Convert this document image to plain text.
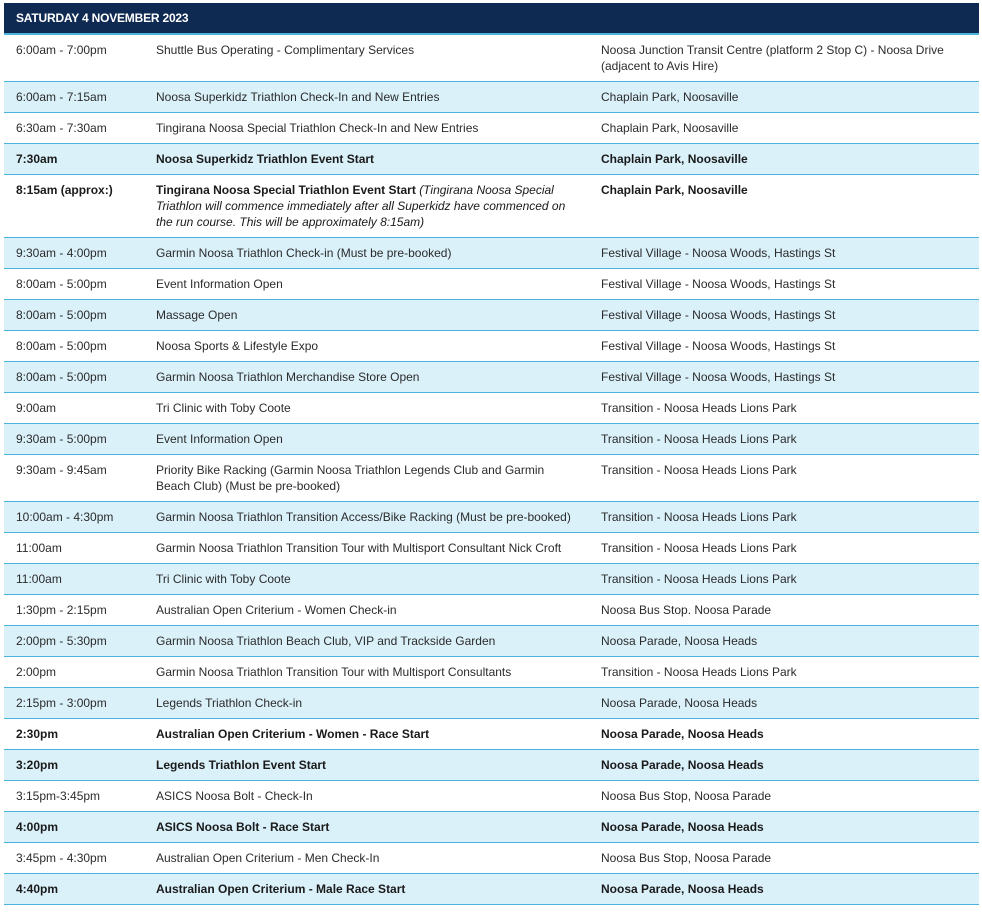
SATURDAY 4 NOVEMBER 2023		
6:00am - 7:00pm	Shuttle Bus Operating - Complimentary Services	Noosa Junction Transit Centre (platform 2 Stop C) - Noosa Drive (adjacent to Avis Hire)
6:00am - 7:15am	Noosa Superkidz Triathlon Check-In and New Entries	Chaplain Park, Noosaville
6:30am - 7:30am	Tingirana Noosa Special Triathlon Check-In and New Entries	Chaplain Park, Noosaville
7:30am	Noosa Superkidz Triathlon Event Start	Chaplain Park, Noosaville
8:15am (approx:)	Tingirana Noosa Special Triathlon Event Start (Tingirana Noosa Special Triathlon will commence immediately after all Superkidz have commenced on the run course. This will be approximately 8:15am)	Chaplain Park, Noosaville
9:30am - 4:00pm	Garmin Noosa Triathlon Check-in (Must be pre-booked)	Festival Village - Noosa Woods, Hastings St
8:00am - 5:00pm	Event Information Open	Festival Village - Noosa Woods, Hastings St
8:00am - 5:00pm	Massage Open	Festival Village - Noosa Woods, Hastings St
8:00am - 5:00pm	Noosa Sports & Lifestyle Expo	Festival Village - Noosa Woods, Hastings St
8:00am - 5:00pm	Garmin Noosa Triathlon Merchandise Store Open	Festival Village - Noosa Woods, Hastings St
9:00am	Tri Clinic with Toby Coote	Transition - Noosa Heads Lions Park
9:30am - 5:00pm	Event Information Open	Transition - Noosa Heads Lions Park
9:30am - 9:45am	Priority Bike Racking (Garmin Noosa Triathlon Legends Club and Garmin Beach Club) (Must be pre-booked)	Transition - Noosa Heads Lions Park
10:00am - 4:30pm	Garmin Noosa Triathlon Transition Access/Bike Racking (Must be pre-booked)	Transition - Noosa Heads Lions Park
11:00am	Garmin Noosa Triathlon Transition Tour with Multisport Consultant Nick Croft	Transition - Noosa Heads Lions Park
11:00am	Tri Clinic with Toby Coote	Transition - Noosa Heads Lions Park
1:30pm - 2:15pm	Australian Open Criterium - Women Check-in	Noosa Bus Stop. Noosa Parade
2:00pm - 5:30pm	Garmin Noosa Triathlon Beach Club, VIP and Trackside Garden	Noosa Parade, Noosa Heads
2:00pm	Garmin Noosa Triathlon Transition Tour with Multisport Consultants	Transition - Noosa Heads Lions Park
2:15pm - 3:00pm	Legends Triathlon Check-in	Noosa Parade, Noosa Heads
2:30pm	Australian Open Criterium - Women - Race Start	Noosa Parade, Noosa Heads
3:20pm	Legends Triathlon Event Start	Noosa Parade, Noosa Heads
3:15pm-3:45pm	ASICS Noosa Bolt - Check-In	Noosa Bus Stop, Noosa Parade
4:00pm	ASICS Noosa Bolt - Race Start	Noosa Parade, Noosa Heads
3:45pm - 4:30pm	Australian Open Criterium - Men Check-In	Noosa Bus Stop, Noosa Parade
4:40pm	Australian Open Criterium - Male Race Start	Noosa Parade, Noosa Heads
